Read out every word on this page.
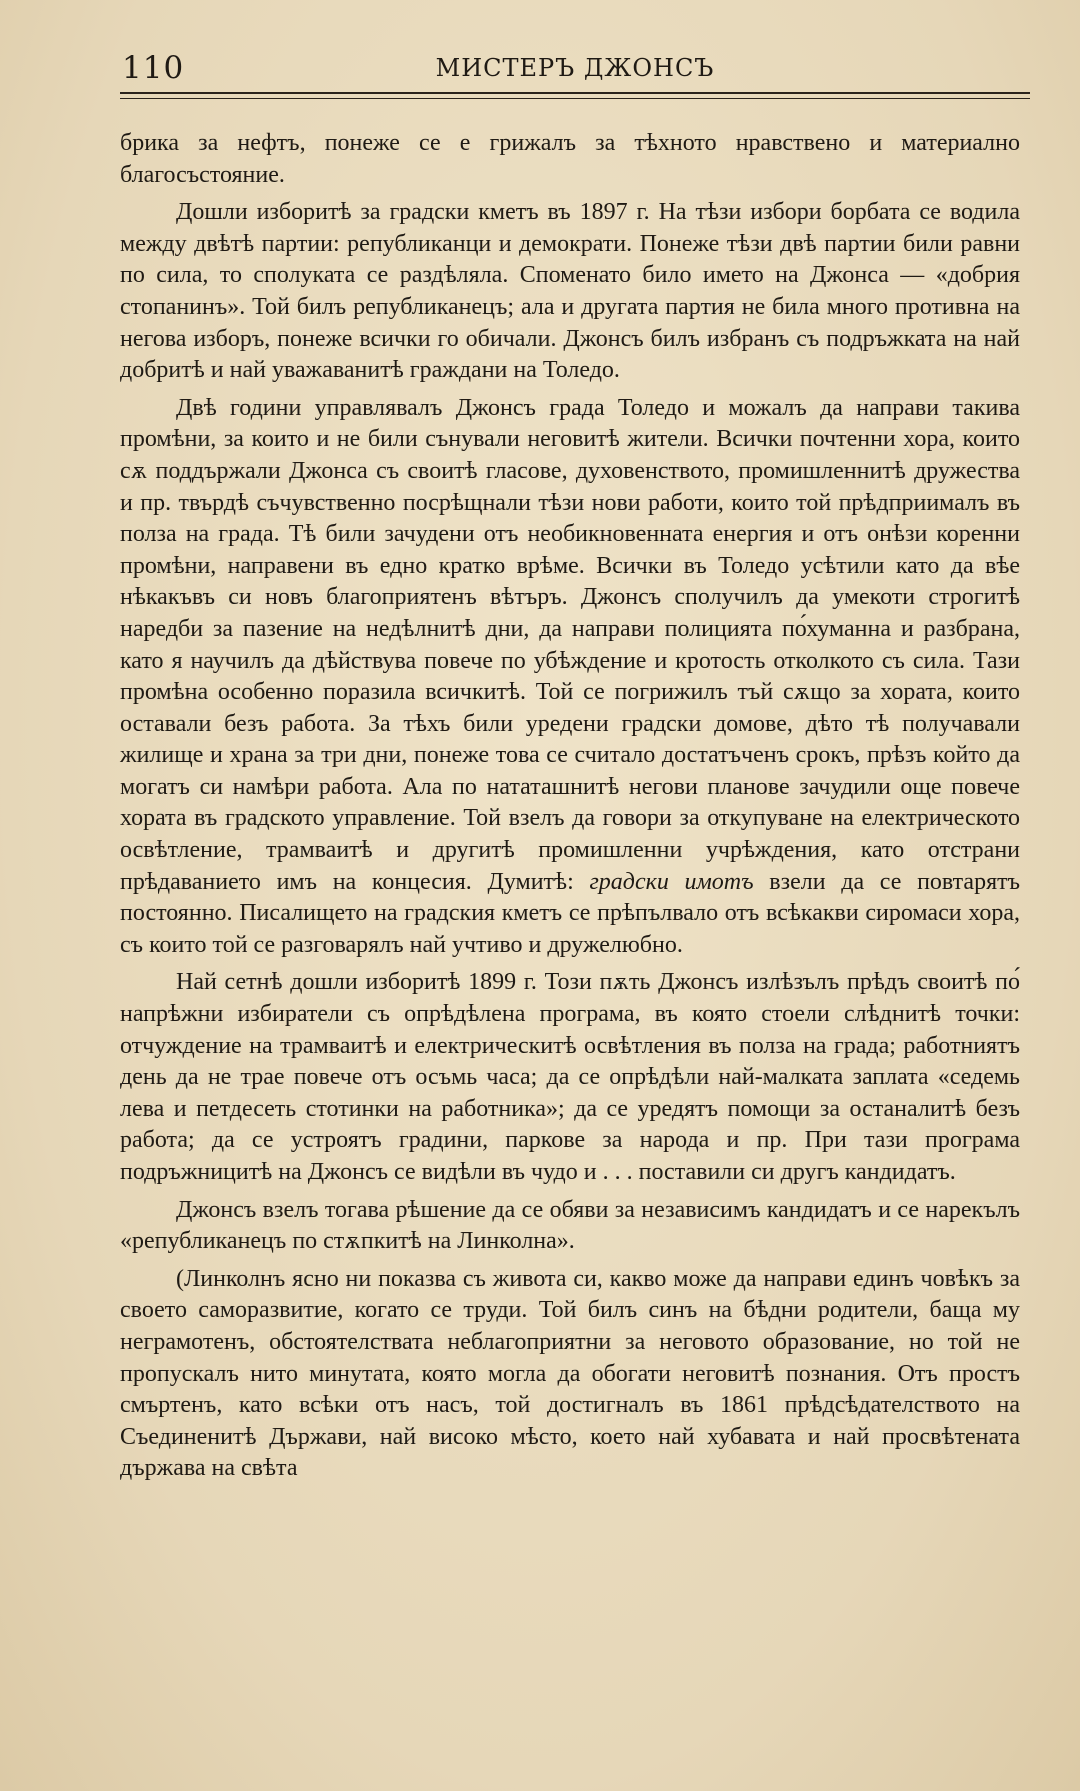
110	МИСТЕРЪ ДЖОНСЪ

брика за нефтъ, понеже се е грижалъ за тѣхното нравствено и материално благосъстояние.

Дошли изборитѣ за градски кметъ въ 1897 г. На тѣзи избори борбата се водила между двѣтѣ партии: републиканци и демократи. Понеже тѣзи двѣ партии били равни по сила, то сполуката се раздѣляла. Споменато било името на Джонса — «добрия стопанинъ». Той билъ републиканецъ; ала и другата партия не била много противна на негова изборъ, понеже всички го обичали. Джонсъ билъ избранъ съ подръжката на най добритѣ и най уважаванитѣ граждани на Толедо.

Двѣ години управлявалъ Джонсъ града Толедо и можалъ да направи такива промѣни, за които и не били сънували неговитѣ жители. Всички почтенни хора, които сѫ поддържали Джонса съ своитѣ гласове, духовенството, промишленнитѣ дружества и пр. твърдѣ съчувственно посрѣщнали тѣзи нови работи, които той прѣдприималъ въ полза на града. Тѣ били зачудени отъ необикновенната енергия и отъ онѣзи коренни промѣни, направени въ едно кратко врѣме. Всички въ Толедо усѣтили като да вѣе нѣкакъвъ си новъ благоприятенъ вѣтъръ. Джонсъ сполучилъ да умекоти строгитѣ наредби за пазение на недѣлнитѣ дни, да направи полицията по́хуманна и разбрана, като я научилъ да дѣйствува повече по убѣждение и кротость отколкото съ сила. Тази промѣна особенно поразила всичкитѣ. Той се погрижилъ тъй сѫщо за хората, които оставали безъ работа. За тѣхъ били уредени градски домове, дѣто тѣ получавали жилище и храна за три дни, понеже това се считало достатъченъ срокъ, прѣзъ който да могатъ си намѣри работа. Ала по нататашнитѣ негови планове зачудили още повече хората въ градското управление. Той взелъ да говори за откупуване на електрическото освѣтление, трамваитѣ и другитѣ промишленни учрѣждения, като отстрани прѣдаванието имъ на концесия. Думитѣ: градски имотъ взели да се повтарятъ постоянно. Писалището на градския кметъ се прѣпълвало отъ всѣкакви сиромаси хора, съ които той се разговарялъ най учтиво и дружелюбно.

Най сетнѣ дошли изборитѣ 1899 г. Този пѫть Джонсъ излѣзълъ прѣдъ своитѣ по́ напрѣжни избиратели съ опрѣдѣлена програма, въ която стоели слѣднитѣ точки: отчуждение на трамваитѣ и електрическитѣ освѣтления въ полза на града; работниятъ день да не трае повече отъ осъмь часа; да се опрѣдѣли най-малката заплата «седемь лева и петдесеть стотинки на работника»; да се уредятъ помощи за останалитѣ безъ работа; да се устроятъ градини, паркове за народа и пр. При тази програма подръжницитѣ на Джонсъ се видѣли въ чудо и . . . поставили си другъ кандидатъ.

Джонсъ взелъ тогава рѣшение да се обяви за независимъ кандидатъ и се нарекълъ «републиканецъ по стѫпкитѣ на Линколна».

(Линколнъ ясно ни показва съ живота си, какво може да направи единъ човѣкъ за своето саморазвитие, когато се труди. Той билъ синъ на бѣдни родители, баща му неграмотенъ, обстоятелствата неблагоприятни за неговото образование, но той не пропускалъ нито минутата, която могла да обогати неговитѣ познания. Отъ простъ смъртенъ, като всѣки отъ насъ, той достигналъ въ 1861 прѣдсѣдателството на Съединенитѣ Държави, най високо мѣсто, което най хубавата и най просвѣтената държава на свѣта
